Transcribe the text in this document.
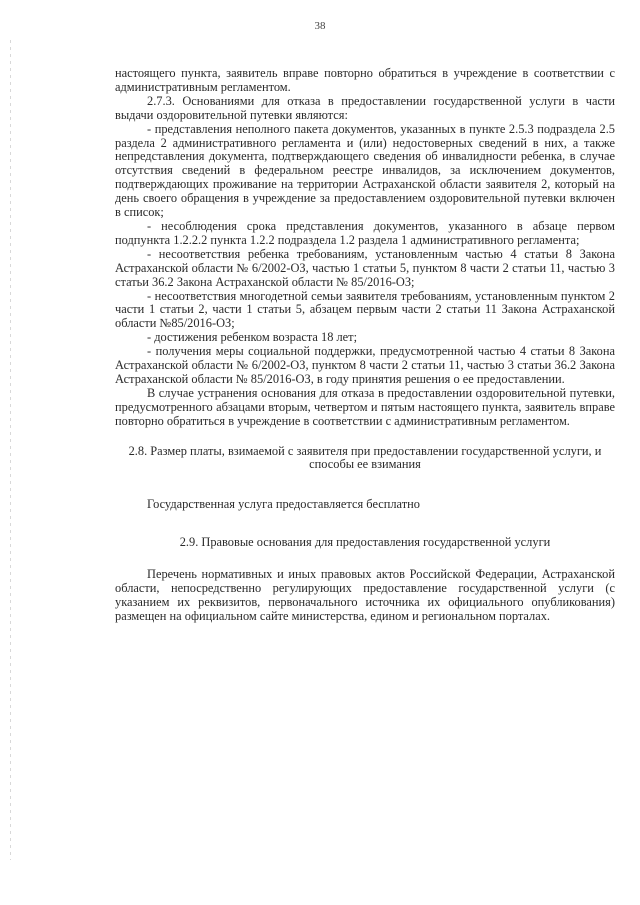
38

настоящего пункта, заявитель вправе повторно обратиться в учреждение в соответствии с административным регламентом.

2.7.3. Основаниями для отказа в предоставлении государственной услуги в части выдачи оздоровительной путевки являются:

- представления неполного пакета документов, указанных в пункте 2.5.3 подраздела 2.5 раздела 2 административного регламента и (или) недостоверных сведений в них, а также непредставления документа, подтверждающего сведения об инвалидности ребенка, в случае отсутствия сведений в федеральном реестре инвалидов, за исключением документов, подтверждающих проживание на территории Астраханской области заявителя 2, который на день своего обращения в учреждение за предоставлением оздоровительной путевки включен в список;

- несоблюдения срока представления документов, указанного в абзаце первом подпункта 1.2.2.2 пункта 1.2.2 подраздела 1.2 раздела 1 административного регламента;

- несоответствия ребенка требованиям, установленным частью 4 статьи 8 Закона Астраханской области № 6/2002-ОЗ, частью 1 статьи 5, пунктом 8 части 2 статьи 11, частью 3 статьи 36.2 Закона Астраханской области № 85/2016-ОЗ;

- несоответствия многодетной семьи заявителя требованиям, установленным пунктом 2 части 1 статьи 2, части 1 статьи 5, абзацем первым части 2 статьи 11 Закона Астраханской области №85/2016-ОЗ;

- достижения ребенком возраста 18 лет;

- получения меры социальной поддержки, предусмотренной частью 4 статьи 8 Закона Астраханской области № 6/2002-ОЗ, пунктом 8 части 2 статьи 11, частью 3 статьи 36.2 Закона Астраханской области № 85/2016-ОЗ, в году принятия решения о ее предоставлении.

В случае устранения основания для отказа в предоставлении оздоровительной путевки, предусмотренного абзацами вторым, четвертом и пятым настоящего пункта, заявитель вправе повторно обратиться в учреждение в соответствии с административным регламентом.

2.8. Размер платы, взимаемой с заявителя при предоставлении государственной услуги, и способы ее взимания

Государственная услуга предоставляется бесплатно

2.9. Правовые основания для предоставления государственной услуги

Перечень нормативных и иных правовых актов Российской Федерации, Астраханской области, непосредственно регулирующих предоставление государственной услуги (с указанием их реквизитов, первоначального источника их официального опубликования) размещен на официальном сайте министерства, едином и региональном порталах.
